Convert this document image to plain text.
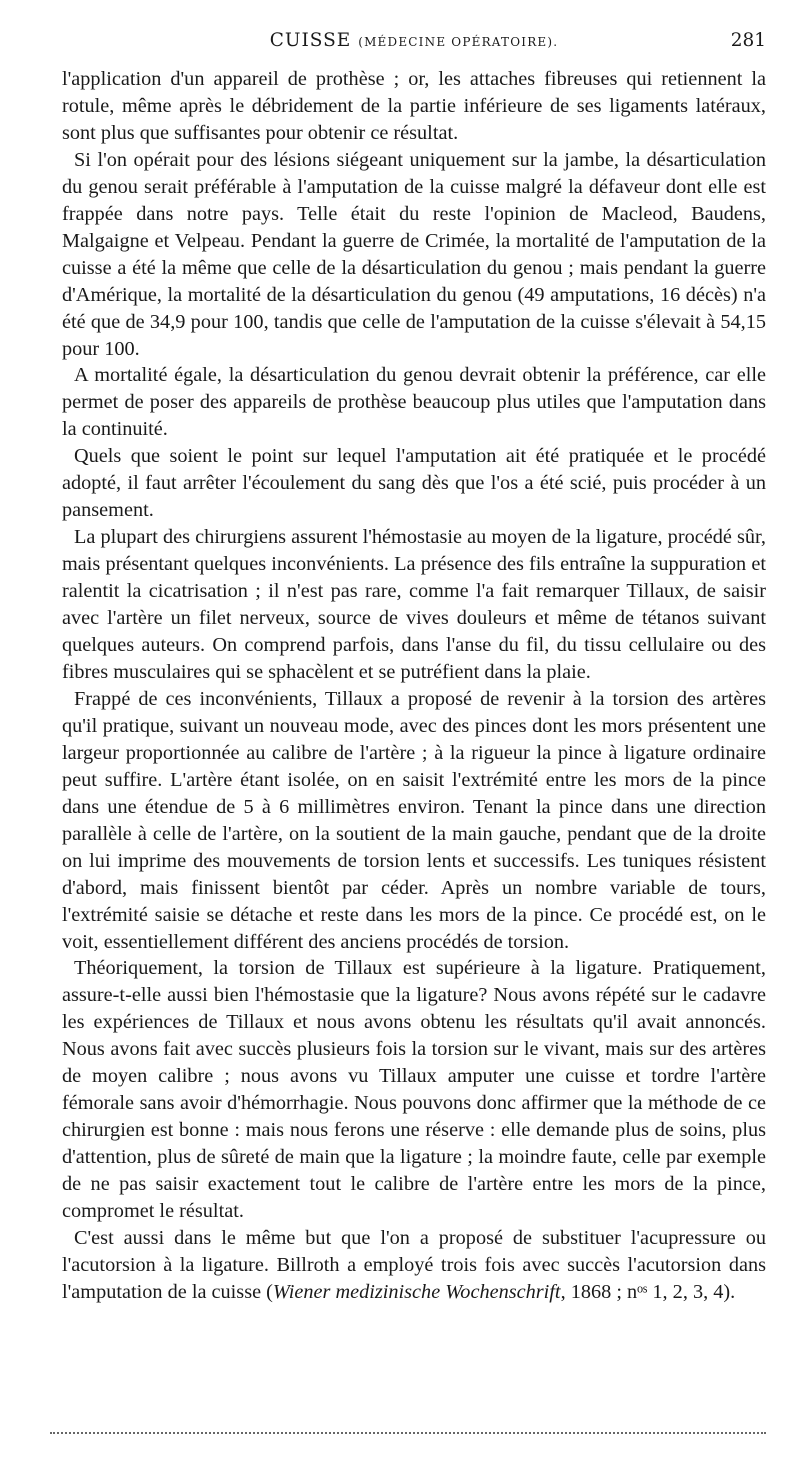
CUISSE (MÉDECINE OPÉRATOIRE).	281

l'application d'un appareil de prothèse ; or, les attaches fibreuses qui retiennent la rotule, même après le débridement de la partie inférieure de ses ligaments latéraux, sont plus que suffisantes pour obtenir ce résultat.

Si l'on opérait pour des lésions siégeant uniquement sur la jambe, la désarticulation du genou serait préférable à l'amputation de la cuisse malgré la défaveur dont elle est frappée dans notre pays. Telle était du reste l'opinion de Macleod, Baudens, Malgaigne et Velpeau. Pendant la guerre de Crimée, la mortalité de l'amputation de la cuisse a été la même que celle de la désarticulation du genou ; mais pendant la guerre d'Amérique, la mortalité de la désarticulation du genou (49 amputations, 16 décès) n'a été que de 34,9 pour 100, tandis que celle de l'amputation de la cuisse s'élevait à 54,15 pour 100.

A mortalité égale, la désarticulation du genou devrait obtenir la préférence, car elle permet de poser des appareils de prothèse beaucoup plus utiles que l'amputation dans la continuité.

Quels que soient le point sur lequel l'amputation ait été pratiquée et le procédé adopté, il faut arrêter l'écoulement du sang dès que l'os a été scié, puis procéder à un pansement.

La plupart des chirurgiens assurent l'hémostasie au moyen de la ligature, procédé sûr, mais présentant quelques inconvénients. La présence des fils entraîne la suppuration et ralentit la cicatrisation ; il n'est pas rare, comme l'a fait remarquer Tillaux, de saisir avec l'artère un filet nerveux, source de vives douleurs et même de tétanos suivant quelques auteurs. On comprend parfois, dans l'anse du fil, du tissu cellulaire ou des fibres musculaires qui se sphacèlent et se putréfient dans la plaie.

Frappé de ces inconvénients, Tillaux a proposé de revenir à la torsion des artères qu'il pratique, suivant un nouveau mode, avec des pinces dont les mors présentent une largeur proportionnée au calibre de l'artère ; à la rigueur la pince à ligature ordinaire peut suffire. L'artère étant isolée, on en saisit l'extrémité entre les mors de la pince dans une étendue de 5 à 6 millimètres environ. Tenant la pince dans une direction parallèle à celle de l'artère, on la soutient de la main gauche, pendant que de la droite on lui imprime des mouvements de torsion lents et successifs. Les tuniques résistent d'abord, mais finissent bientôt par céder. Après un nombre variable de tours, l'extrémité saisie se détache et reste dans les mors de la pince. Ce procédé est, on le voit, essentiellement différent des anciens procédés de torsion.

Théoriquement, la torsion de Tillaux est supérieure à la ligature. Pratiquement, assure-t-elle aussi bien l'hémostasie que la ligature? Nous avons répété sur le cadavre les expériences de Tillaux et nous avons obtenu les résultats qu'il avait annoncés. Nous avons fait avec succès plusieurs fois la torsion sur le vivant, mais sur des artères de moyen calibre ; nous avons vu Tillaux amputer une cuisse et tordre l'artère fémorale sans avoir d'hémorrhagie. Nous pouvons donc affirmer que la méthode de ce chirurgien est bonne : mais nous ferons une réserve : elle demande plus de soins, plus d'attention, plus de sûreté de main que la ligature ; la moindre faute, celle par exemple de ne pas saisir exactement tout le calibre de l'artère entre les mors de la pince, compromet le résultat.

C'est aussi dans le même but que l'on a proposé de substituer l'acupressure ou l'acutorsion à la ligature. Billroth a employé trois fois avec succès l'acutorsion dans l'amputation de la cuisse (Wiener medizinische Wochenschrift, 1868 ; nᵒˢ 1, 2, 3, 4).
